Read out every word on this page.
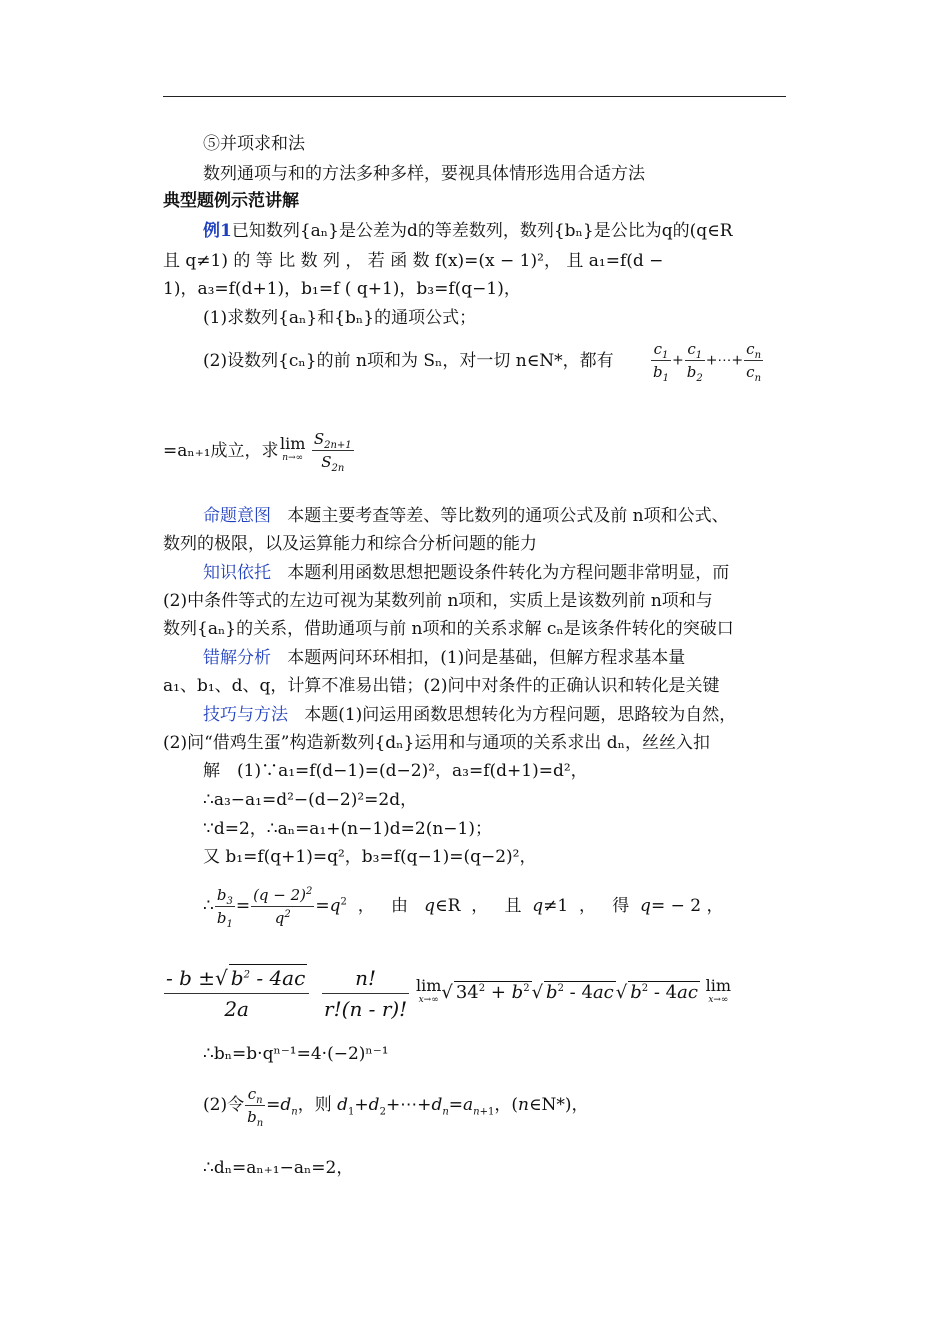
⑤并项求和法
数列通项与和的方法多种多样，要视具体情形选用合适方法
典型题例示范讲解
例1已知数列{aₙ}是公差为d的等差数列，数列{bₙ}是公比为q的(q∈R
且 q≠1) 的 等 比 数 列 ， 若 函 数 f(x)=(x − 1)²， 且 a₁=f(d −
1)，a₃=f(d+1)，b₁=f ( q+1)，b₃=f(q−1)，
(1)求数列{aₙ}和{bₙ}的通项公式；
(2)设数列{cₙ}的前 n项和为 Sₙ，对一切 n∈N*，都有	$\frac{c_1}{b_1} + \frac{c_1}{b_2}$ +⋯+ $\frac{c_n}{c_n}$
=aₙ₊₁成立，求 lim
n→∞
$\frac{S_{2n+1}}{S_{2n}}$
命题意图 本题主要考查等差、等比数列的通项公式及前 n项和公式、
数列的极限，以及运算能力和综合分析问题的能力
知识依托 本题利用函数思想把题设条件转化为方程问题非常明显，而
(2)中条件等式的左边可视为某数列前 n项和，实质上是该数列前 n项和与
数列{aₙ}的关系，借助通项与前 n项和的关系求解 cₙ是该条件转化的突破口
错解分析 本题两问环环相扣，(1)问是基础，但解方程求基本量
a₁、b₁、d、q，计算不准易出错；(2)问中对条件的正确认识和转化是关键
技巧与方法 本题(1)问运用函数思想转化为方程问题，思路较为自然，
(2)问“借鸡生蛋”构造新数列{dₙ}运用和与通项的关系求出 dₙ，丝丝入扣
解　(1)∵a₁=f(d−1)=(d−2)²，a₃=f(d+1)=d²，
∴a₃−a₁=d²−(d−2)²=2d，
∵d=2，∴aₙ=a₁+(n−1)d=2(n−1)；
又 b₁=f(q+1)=q²，b₃=f(q−1)=(q−2)²，
∴ $\frac{b_3}{b_1} = \frac{(q - 2)^2}{q^2} =q^2$  ，   由   q∈R  ，   且  q≠1  ，   得  q= − 2 ，
$\frac{- b \pm√ b^2 - 4ac}{2a}$
$\frac{n!}{r!(n - r)!}$
lim
x→∞ √ $34^2 + b^2$ √ $b^2 - 4ac$ √ $b^2 - 4ac$ lim
x→∞
∴bₙ=b·qⁿ⁻¹=4·(−2)ⁿ⁻¹
(2)令 $\frac{c_n}{b_n} =d_n$，则 $d_1+d_2+\cdots+d_n=a_{n+1}$，(n∈N*)，
∴dₙ=aₙ₊₁−aₙ=2，
